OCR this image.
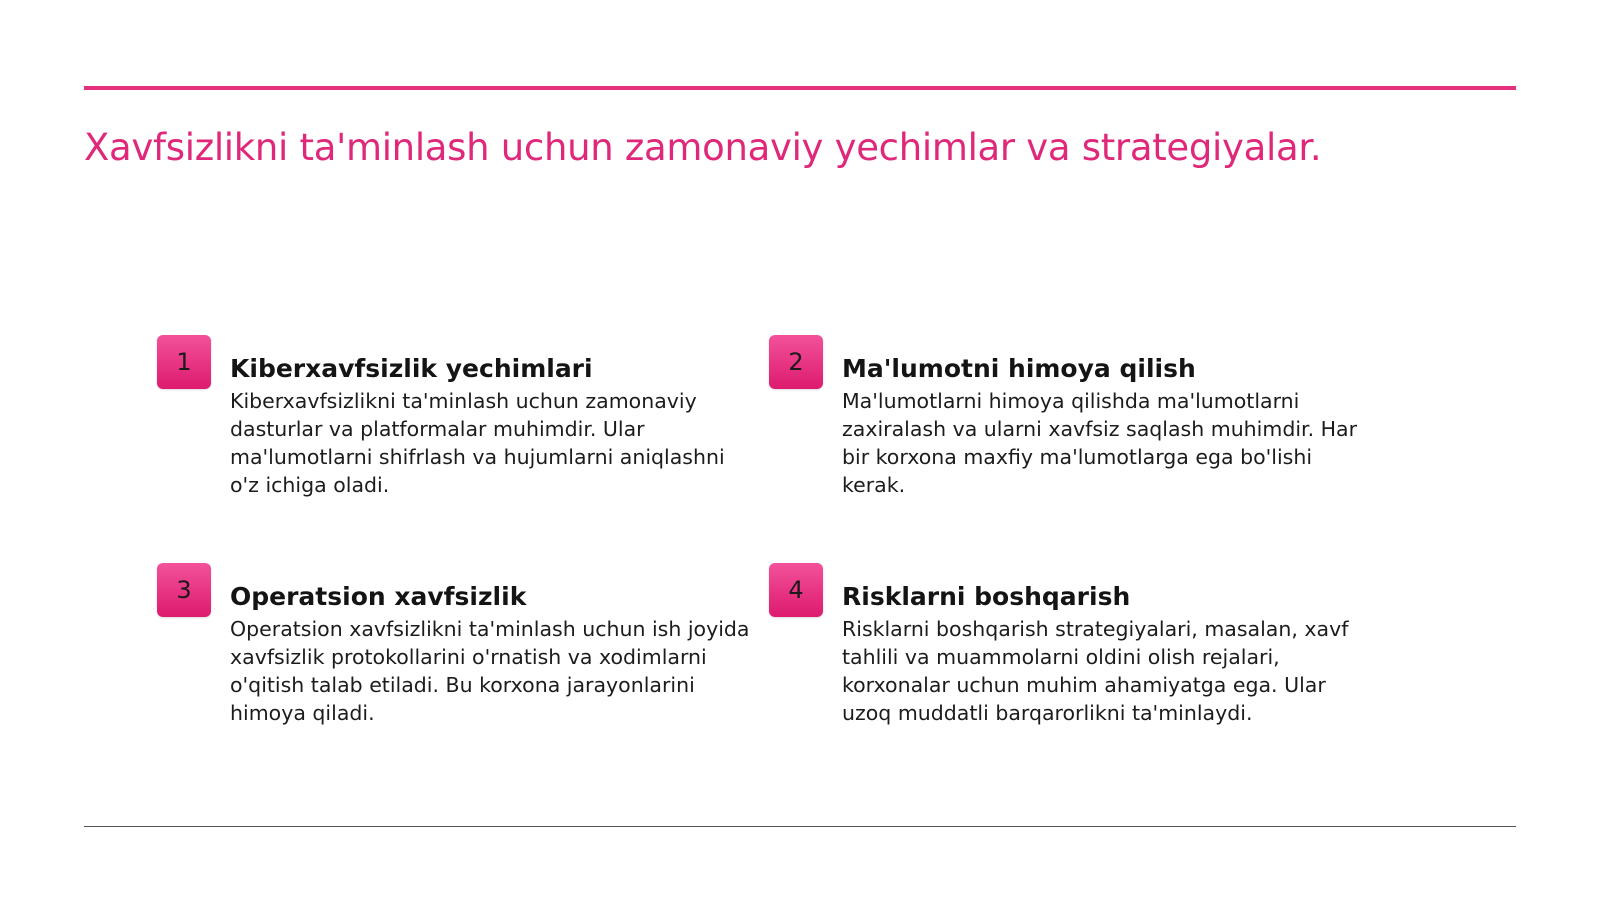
Xavfsizlikni ta'minlash uchun zamonaviy yechimlar va strategiyalar.
1	Kiberxavfsizlik yechimlari

Kiberxavfsizlikni ta'minlash uchun zamonaviy dasturlar va platformalar muhimdir. Ular ma'lumotlarni shifrlash va hujumlarni aniqlashni o'z ichiga oladi.

2	Ma'lumotni himoya qilish

Ma'lumotlarni himoya qilishda ma'lumotlarni zaxiralash va ularni xavfsiz saqlash muhimdir. Har bir korxona maxfiy ma'lumotlarga ega bo'lishi kerak.

3	Operatsion xavfsizlik

Operatsion xavfsizlikni ta'minlash uchun ish joyida xavfsizlik protokollarini o'rnatish va xodimlarni o'qitish talab etiladi. Bu korxona jarayonlarini himoya qiladi.

4	Risklarni boshqarish

Risklarni boshqarish strategiyalari, masalan, xavf tahlili va muammolarni oldini olish rejalari, korxonalar uchun muhim ahamiyatga ega. Ular uzoq muddatli barqarorlikni ta'minlaydi.
